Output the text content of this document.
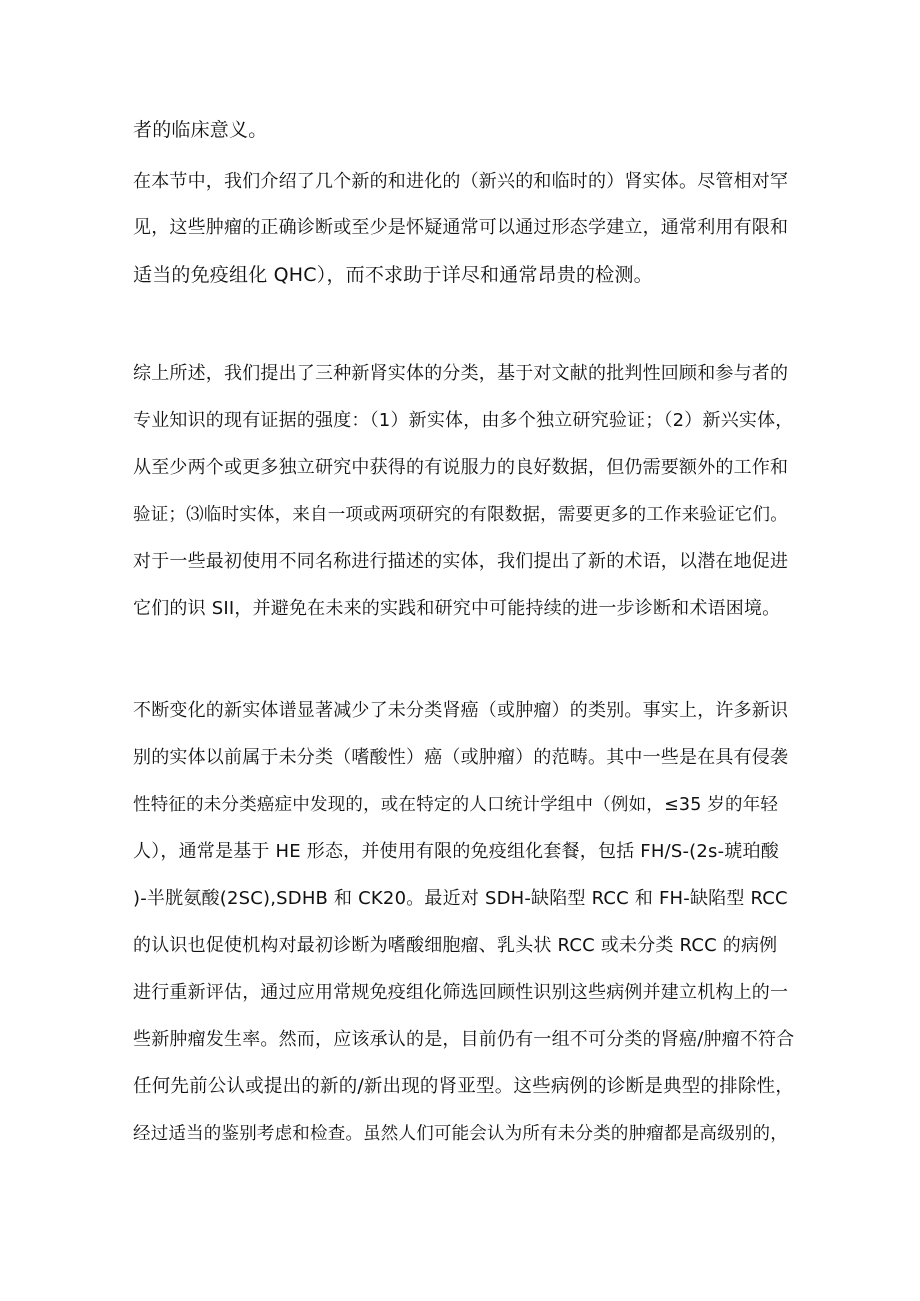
者的临床意义。
在本节中，我们介绍了几个新的和进化的（新兴的和临时的）肾实体。尽管相对罕
见，这些肿瘤的正确诊断或至少是怀疑通常可以通过形态学建立，通常利用有限和
适当的免疫组化 QHC），而不求助于详尽和通常昂贵的检测。
综上所述，我们提出了三种新肾实体的分类，基于对文献的批判性回顾和参与者的
专业知识的现有证据的强度：（1）新实体，由多个独立研究验证；（2）新兴实体，
从至少两个或更多独立研究中获得的有说服力的良好数据，但仍需要额外的工作和
验证；⑶临时实体，来自一项或两项研究的有限数据，需要更多的工作来验证它们。
对于一些最初使用不同名称进行描述的实体，我们提出了新的术语，以潜在地促进
它们的识 SII，并避免在未来的实践和研究中可能持续的进一步诊断和术语困境。
不断变化的新实体谱显著减少了未分类肾癌（或肿瘤）的类别。事实上，许多新识
别的实体以前属于未分类（嗜酸性）癌（或肿瘤）的范畴。其中一些是在具有侵袭
性特征的未分类癌症中发现的，或在特定的人口统计学组中（例如，≤35 岁的年轻
人），通常是基于 HE 形态，并使用有限的免疫组化套餐，包括 FH/S-(2s-琥珀酸
)-半胱氨酸(2SC),SDHB 和 CK20。最近对 SDH-缺陷型 RCC 和 FH-缺陷型 RCC
的认识也促使机构对最初诊断为嗜酸细胞瘤、乳头状 RCC 或未分类 RCC 的病例
进行重新评估，通过应用常规免疫组化筛选回顾性识别这些病例并建立机构上的一
些新肿瘤发生率。然而，应该承认的是，目前仍有一组不可分类的肾癌/肿瘤不符合
任何先前公认或提出的新的/新出现的肾亚型。这些病例的诊断是典型的排除性，
经过适当的鉴别考虑和检查。虽然人们可能会认为所有未分类的肿瘤都是高级别的，
